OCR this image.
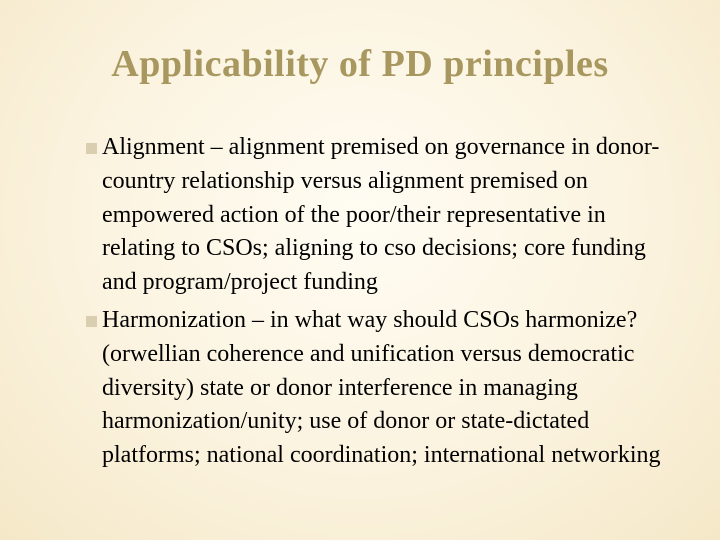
Applicability of PD principles
Alignment – alignment premised on governance in donor-country relationship versus alignment premised on empowered action of the poor/their representative in relating to CSOs; aligning to cso decisions; core funding and program/project funding
Harmonization – in what way should CSOs harmonize? (orwellian coherence and unification versus democratic diversity) state or donor interference in managing harmonization/unity; use of donor or state-dictated platforms; national coordination; international networking
